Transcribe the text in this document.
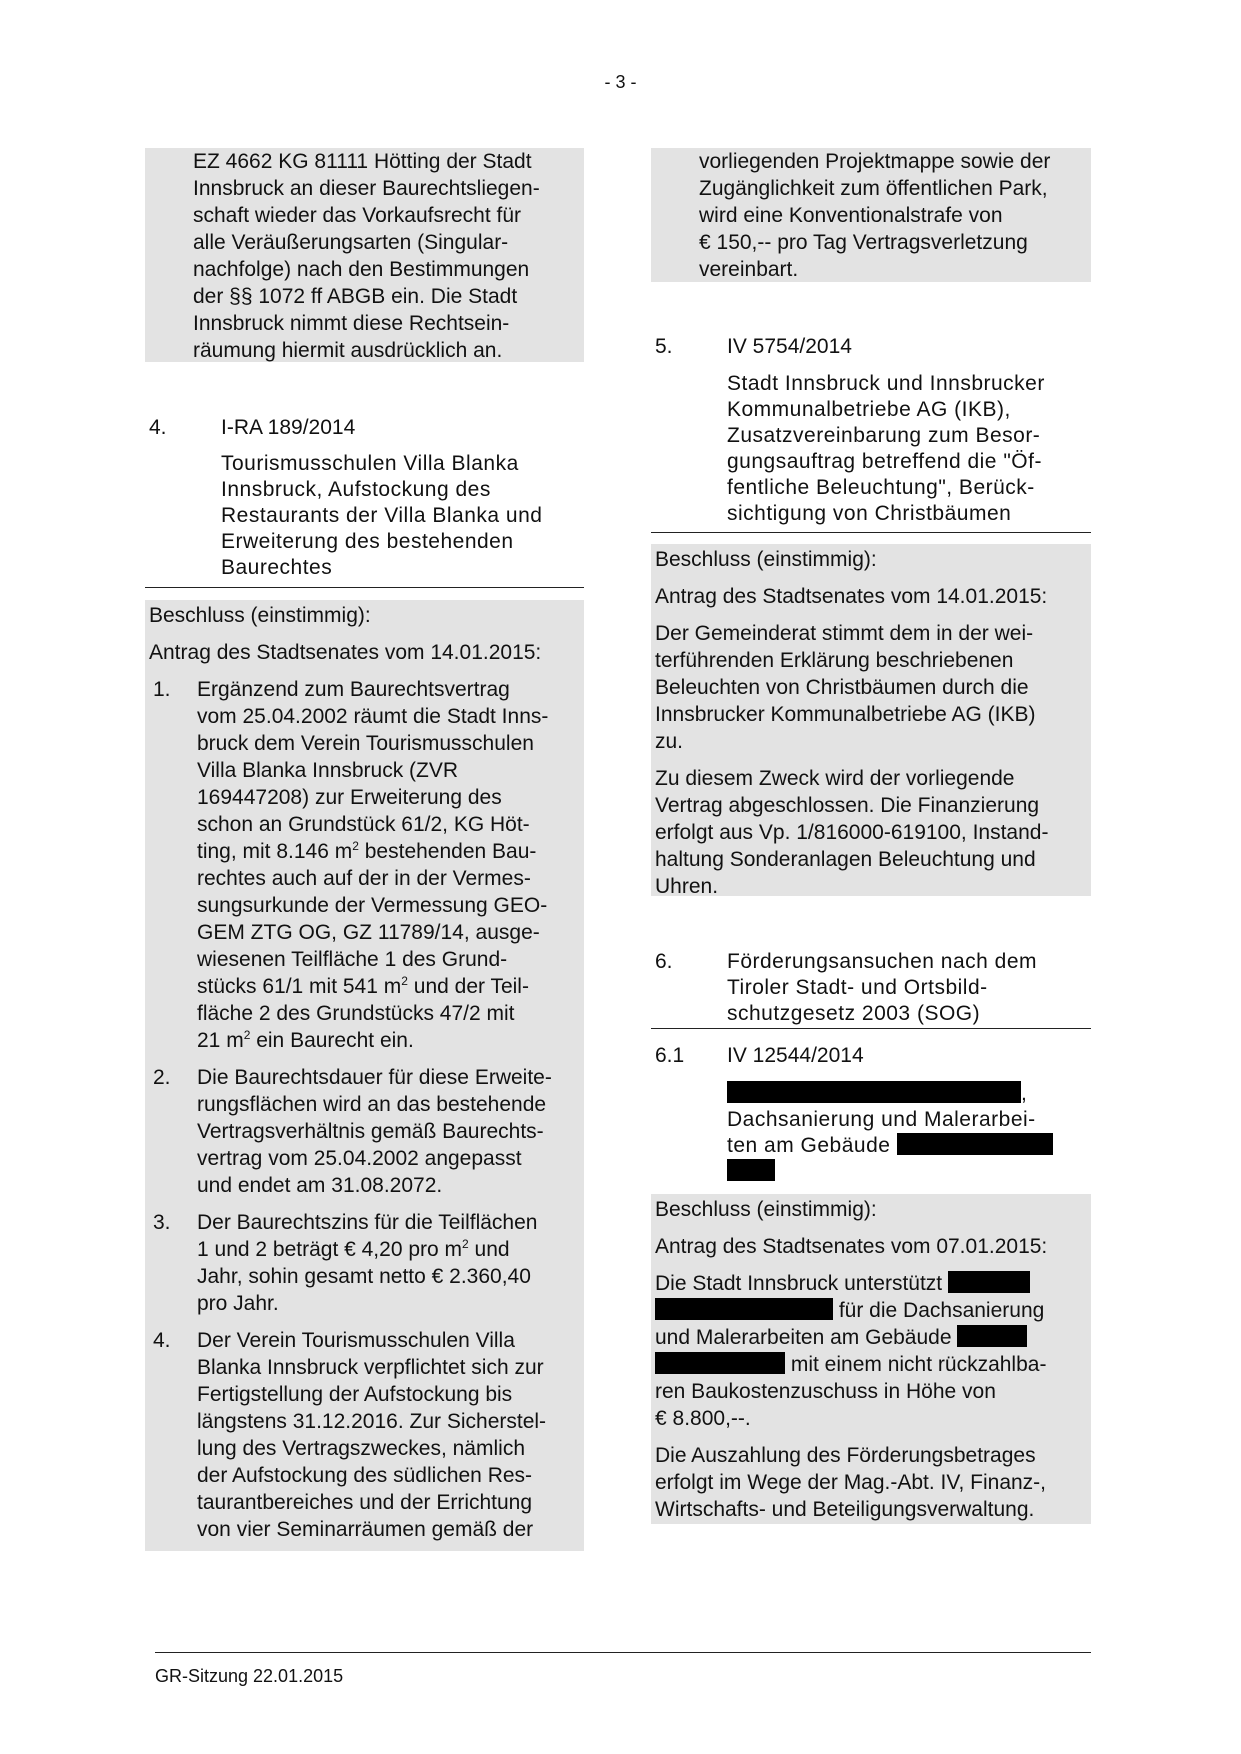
- 3 -
EZ 4662 KG 81111 Hötting der Stadt
Innsbruck an dieser Baurechtsliegen-
schaft wieder das Vorkaufsrecht für
alle Veräußerungsarten (Singular-
nachfolge) nach den Bestimmungen
der §§ 1072 ff ABGB ein. Die Stadt
Innsbruck nimmt diese Rechtsein-
räumung hiermit ausdrücklich an.
4.	I-RA 189/2014
Tourismusschulen Villa Blanka
Innsbruck, Aufstockung des
Restaurants der Villa Blanka und
Erweiterung des bestehenden
Baurechtes
Beschluss (einstimmig):
Antrag des Stadtsenates vom 14.01.2015:
1. Ergänzend zum Baurechtsvertrag
vom 25.04.2002 räumt die Stadt Inns-
bruck dem Verein Tourismusschulen
Villa Blanka Innsbruck (ZVR
169447208) zur Erweiterung des
schon an Grundstück 61/2, KG Höt-
ting, mit 8.146 $m^2$ bestehenden Bau-
rechtes auch auf der in der Vermes-
sungsurkunde der Vermessung GEO-
GEM ZTG OG, GZ 11789/14, ausge-
wiesenen Teilfläche 1 des Grund-
stücks 61/1 mit 541 $m^2$ und der Teil-
fläche 2 des Grundstücks 47/2 mit
21 $m^2$ ein Baurecht ein.
2. Die Baurechtsdauer für diese Erweite-
rungsflächen wird an das bestehende
Vertragsverhältnis gemäß Baurechts-
vertrag vom 25.04.2002 angepasst
und endet am 31.08.2072.
3. Der Baurechtszins für die Teilflächen
1 und 2 beträgt € 4,20 pro $m^2$ und
Jahr, sohin gesamt netto € 2.360,40
pro Jahr.
4. Der Verein Tourismusschulen Villa
Blanka Innsbruck verpflichtet sich zur
Fertigstellung der Aufstockung bis
längstens 31.12.2016. Zur Sicherstel-
lung des Vertragszweckes, nämlich
der Aufstockung des südlichen Res-
taurantbereiches und der Errichtung
von vier Seminarräumen gemäß der
vorliegenden Projektmappe sowie der
Zugänglichkeit zum öffentlichen Park,
wird eine Konventionalstrafe von
€ 150,-- pro Tag Vertragsverletzung
vereinbart.
5.	IV 5754/2014
Stadt Innsbruck und Innsbrucker
Kommunalbetriebe AG (IKB),
Zusatzvereinbarung zum Besor-
gungsauftrag betreffend die "Öf-
fentliche Beleuchtung", Berück-
sichtigung von Christbäumen
Beschluss (einstimmig):
Antrag des Stadtsenates vom 14.01.2015:
Der Gemeinderat stimmt dem in der wei-
terführenden Erklärung beschriebenen
Beleuchten von Christbäumen durch die
Innsbrucker Kommunalbetriebe AG (IKB)
zu.
Zu diesem Zweck wird der vorliegende
Vertrag abgeschlossen. Die Finanzierung
erfolgt aus Vp. 1/816000-619100, Instand-
haltung Sonderanlagen Beleuchtung und
Uhren.
6.	Förderungsansuchen nach dem
Tiroler Stadt- und Ortsbild-
schutzgesetz 2003 (SOG)
6.1 IV 12544/2014
,
Dachsanierung und Malerarbei-
ten am Gebäude
Beschluss (einstimmig):
Antrag des Stadtsenates vom 07.01.2015:
Die Stadt Innsbruck unterstützt
für die Dachsanierung
und Malerarbeiten am Gebäude
mit einem nicht rückzahlba-
ren Baukostenzuschuss in Höhe von
€ 8.800,--.
Die Auszahlung des Förderungsbetrages
erfolgt im Wege der Mag.-Abt. IV, Finanz-,
Wirtschafts- und Beteiligungsverwaltung.
GR-Sitzung 22.01.2015
